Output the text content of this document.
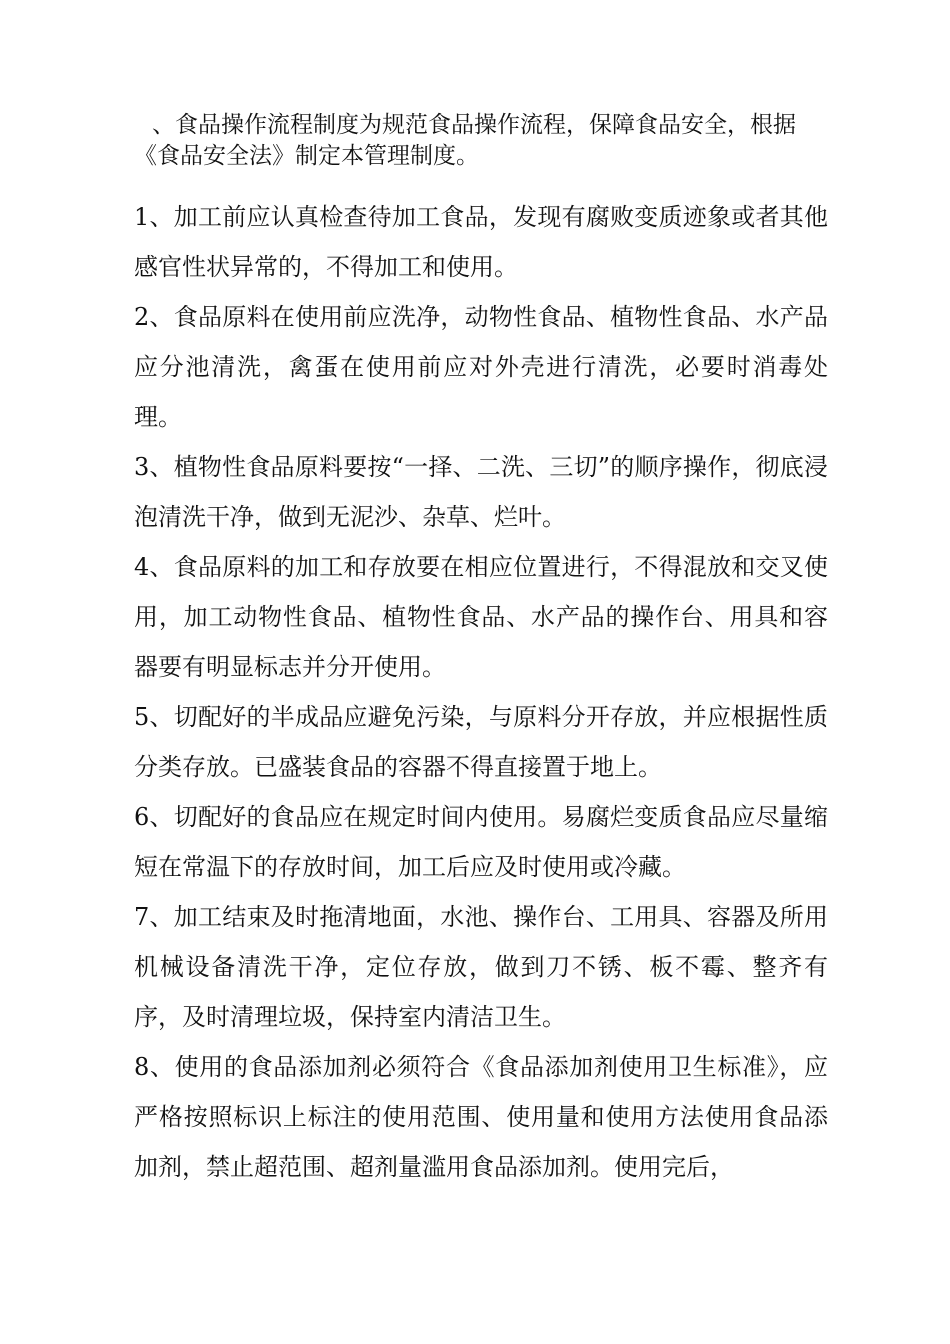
、食品操作流程制度为规范食品操作流程，保障食品安全，根据《食品安全法》制定本管理制度。

1、加工前应认真检查待加工食品，发现有腐败变质迹象或者其他感官性状异常的，不得加工和使用。

2、食品原料在使用前应洗净，动物性食品、植物性食品、水产品应分池清洗，禽蛋在使用前应对外壳进行清洗，必要时消毒处理。

3、植物性食品原料要按“一择、二洗、三切”的顺序操作，彻底浸泡清洗干净，做到无泥沙、杂草、烂叶。

4、食品原料的加工和存放要在相应位置进行，不得混放和交叉使用，加工动物性食品、植物性食品、水产品的操作台、用具和容器要有明显标志并分开使用。

5、切配好的半成品应避免污染，与原料分开存放，并应根据性质分类存放。已盛装食品的容器不得直接置于地上。

6、切配好的食品应在规定时间内使用。易腐烂变质食品应尽量缩短在常温下的存放时间，加工后应及时使用或冷藏。

7、加工结束及时拖清地面，水池、操作台、工用具、容器及所用机械设备清洗干净，定位存放，做到刀不锈、板不霉、整齐有序，及时清理垃圾，保持室内清洁卫生。

8、使用的食品添加剂必须符合《食品添加剂使用卫生标准》，应严格按照标识上标注的使用范围、使用量和使用方法使用食品添加剂，禁止超范围、超剂量滥用食品添加剂。使用完后，
